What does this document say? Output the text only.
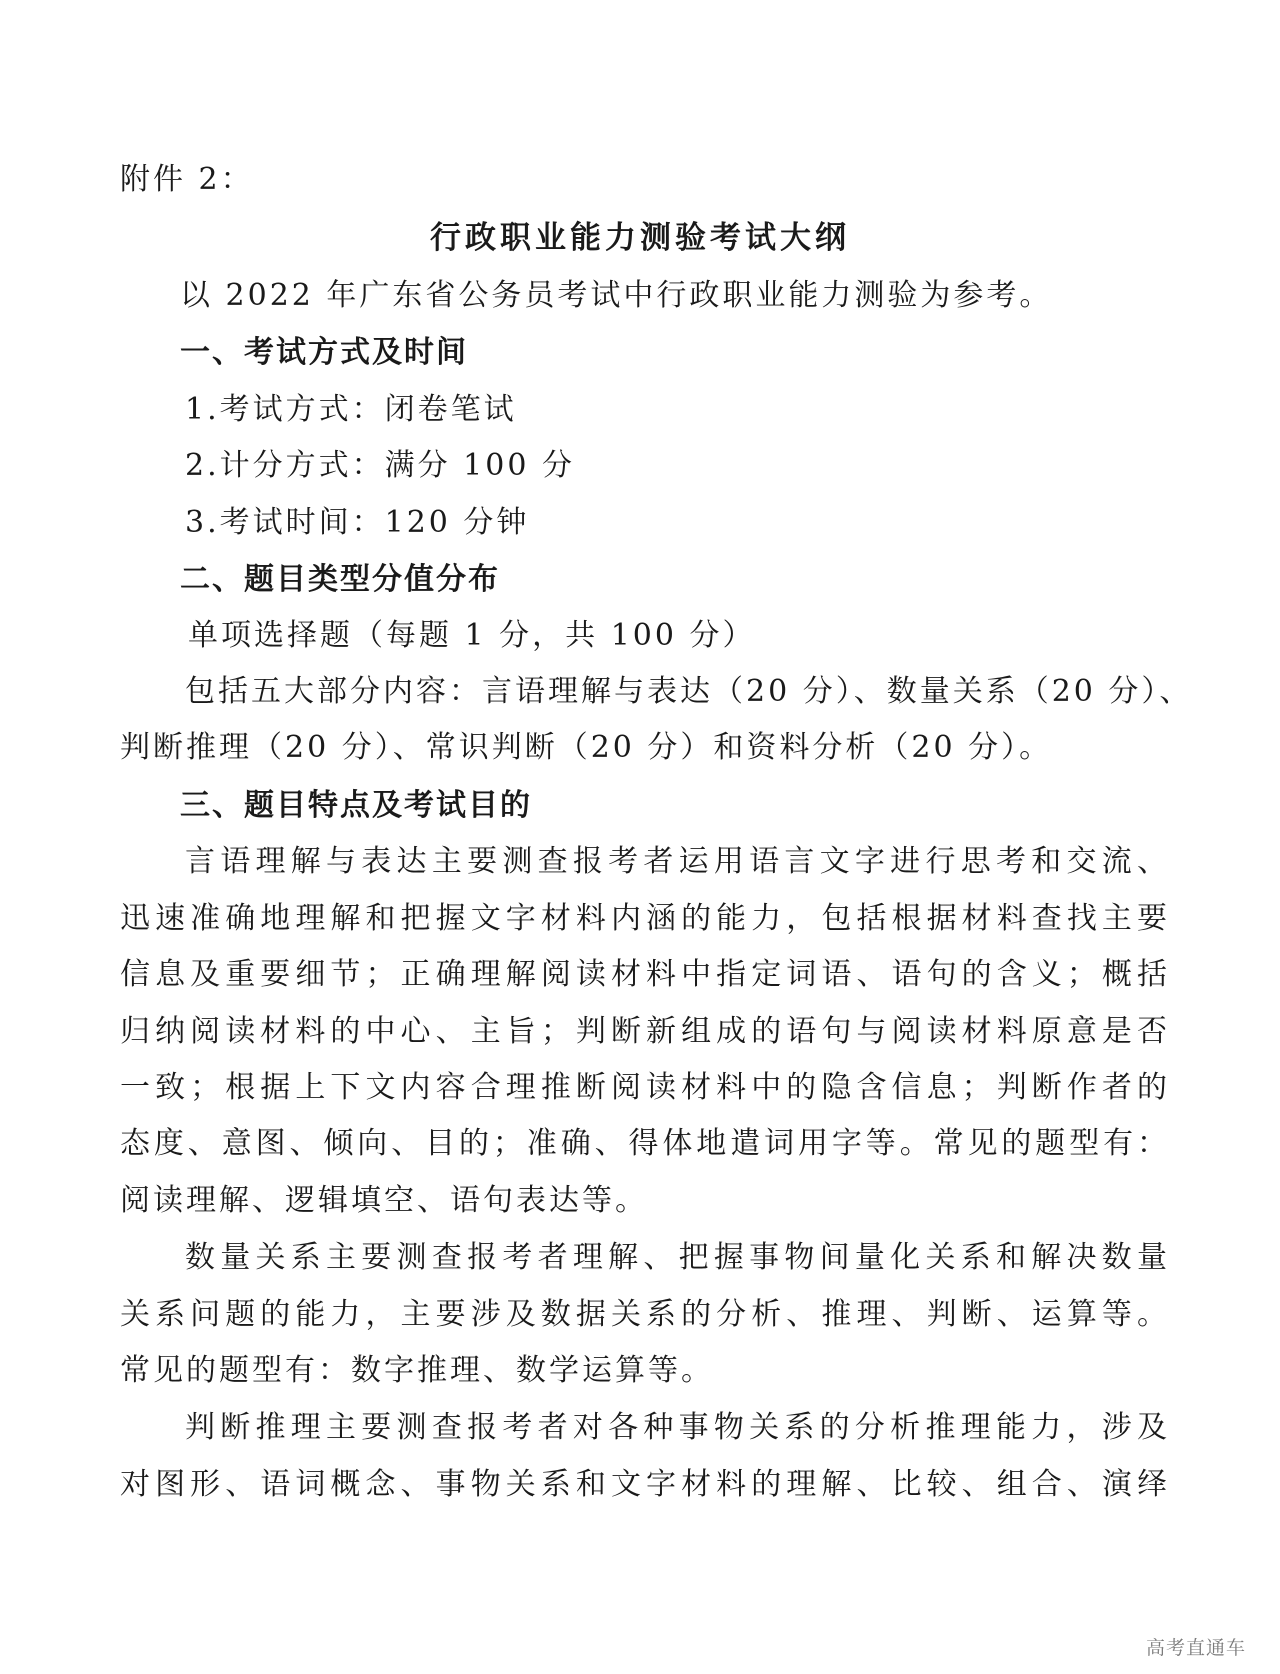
附件 2：
行政职业能力测验考试大纲
以 2022 年广东省公务员考试中行政职业能力测验为参考。
一、考试方式及时间
1.考试方式：闭卷笔试
2.计分方式：满分 100 分
3.考试时间：120 分钟
二、题目类型分值分布
单项选择题（每题 1 分，共 100 分）
包括五大部分内容：言语理解与表达（20 分）、数量关系（20 分）、
判断推理（20 分）、常识判断（20 分）和资料分析（20 分）。
三、题目特点及考试目的
言语理解与表达主要测查报考者运用语言文字进行思考和交流、
迅速准确地理解和把握文字材料内涵的能力，包括根据材料查找主要
信息及重要细节；正确理解阅读材料中指定词语、语句的含义；概括
归纳阅读材料的中心、主旨；判断新组成的语句与阅读材料原意是否
一致；根据上下文内容合理推断阅读材料中的隐含信息；判断作者的
态度、意图、倾向、目的；准确、得体地遣词用字等。常见的题型有：
阅读理解、逻辑填空、语句表达等。
数量关系主要测查报考者理解、把握事物间量化关系和解决数量
关系问题的能力，主要涉及数据关系的分析、推理、判断、运算等。
常见的题型有：数字推理、数学运算等。
判断推理主要测查报考者对各种事物关系的分析推理能力，涉及
对图形、语词概念、事物关系和文字材料的理解、比较、组合、演绎
高考直通车
